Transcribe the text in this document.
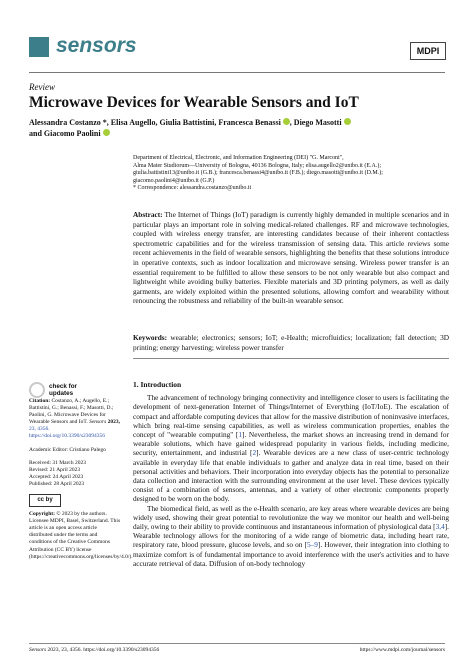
sensors	MDPI
Review
Microwave Devices for Wearable Sensors and IoT
Alessandra Costanzo *, Elisa Augello, Giulia Battistini, Francesca Benassi , Diego Masotti
and Giacomo Paolini

Department of Electrical, Electronic, and Information Engineering (DEI) "G. Marconi",

Alma Mater Studiorum—University of Bologna, 40136 Bologna, Italy; elisa.augello2@unibo.it (E.A.);

giulia.battistini13@unibo.it (G.B.); francesca.benassi4@unibo.it (F.B.); diego.masotti@unibo.it (D.M.);

giacomo.paolini4@unibo.it (G.P.)

* Correspondence: alessandra.costanzo@unibo.it

Abstract: The Internet of Things (IoT) paradigm is currently highly demanded in multiple scenarios and in particular plays an important role in solving medical-related challenges. RF and microwave technologies, coupled with wireless energy transfer, are interesting candidates because of their inherent contactless spectrometric capabilities and for the wireless transmission of sensing data. This article reviews some recent achievements in the field of wearable sensors, highlighting the benefits that these solutions introduce in operative contexts, such as indoor localization and microwave sensing. Wireless power transfer is an essential requirement to be fulfilled to allow these sensors to be not only wearable but also compact and lightweight while avoiding bulky batteries. Flexible materials and 3D printing polymers, as well as daily garments, are widely exploited within the presented solutions, allowing comfort and wearability without renouncing the robustness and reliability of the built-in wearable sensor.
Keywords: wearable; electronics; sensors; IoT; e-Health; microfluidics; localization; fall detection; 3D printing; energy harvesting; wireless power transfer
check for
updates

Citation: Costanzo, A.; Augello, E.; Battistini, G.; Benassi, F.; Masotti, D.; Paolini, G. Microwave Devices for Wearable Sensors and IoT. Sensors 2023, 23, 4356. https://doi.org/10.3390/s23094356

Academic Editor: Cristiano Palego

Received: 31 March 2023
Revised: 21 April 2023
Accepted: 24 April 2023
Published: 28 April 2023

cc by

Copyright: © 2023 by the authors. Licensee MDPI, Basel, Switzerland. This article is an open access article distributed under the terms and conditions of the Creative Commons Attribution (CC BY) license (https://creativecommons.org/licenses/by/4.0/).

1. Introduction

The advancement of technology bringing connectivity and intelligence closer to users is facilitating the development of next-generation Internet of Things/Internet of Everything (IoT/IoE). The escalation of compact and affordable computing devices that allow for the massive distribution of noninvasive interfaces, which bring real-time sensing capabilities, as well as wireless communication properties, enables the concept of "wearable computing" [1]. Nevertheless, the market shows an increasing trend in demand for wearable solutions, which have gained widespread popularity in various fields, including medicine, security, entertainment, and industrial [2]. Wearable devices are a new class of user-centric technology available in everyday life that enable individuals to gather and analyze data in real time, based on their personal activities and behaviors. Their incorporation into everyday objects has the potential to personalize data collection and interaction with the surrounding environment at the user level. These devices typically consist of a combination of sensors, antennas, and a variety of other electronic components properly designed to be worn on the body.

The biomedical field, as well as the e-Health scenario, are key areas where wearable devices are being widely used, showing their great potential to revolutionize the way we monitor our health and well-being daily, owing to their ability to provide continuous and instantaneous information of physiological data [3,4]. Wearable technology allows for the monitoring of a wide range of biometric data, including heart rate, respiratory rate, blood pressure, glucose levels, and so on [5–9]. However, their integration into clothing to maximize comfort is of fundamental importance to avoid interference with the user's activities and to have accurate retrieval of data. Diffusion of on-body technology

Sensors 2023, 23, 4356. https://doi.org/10.3390/s23094356	https://www.mdpi.com/journal/sensors
